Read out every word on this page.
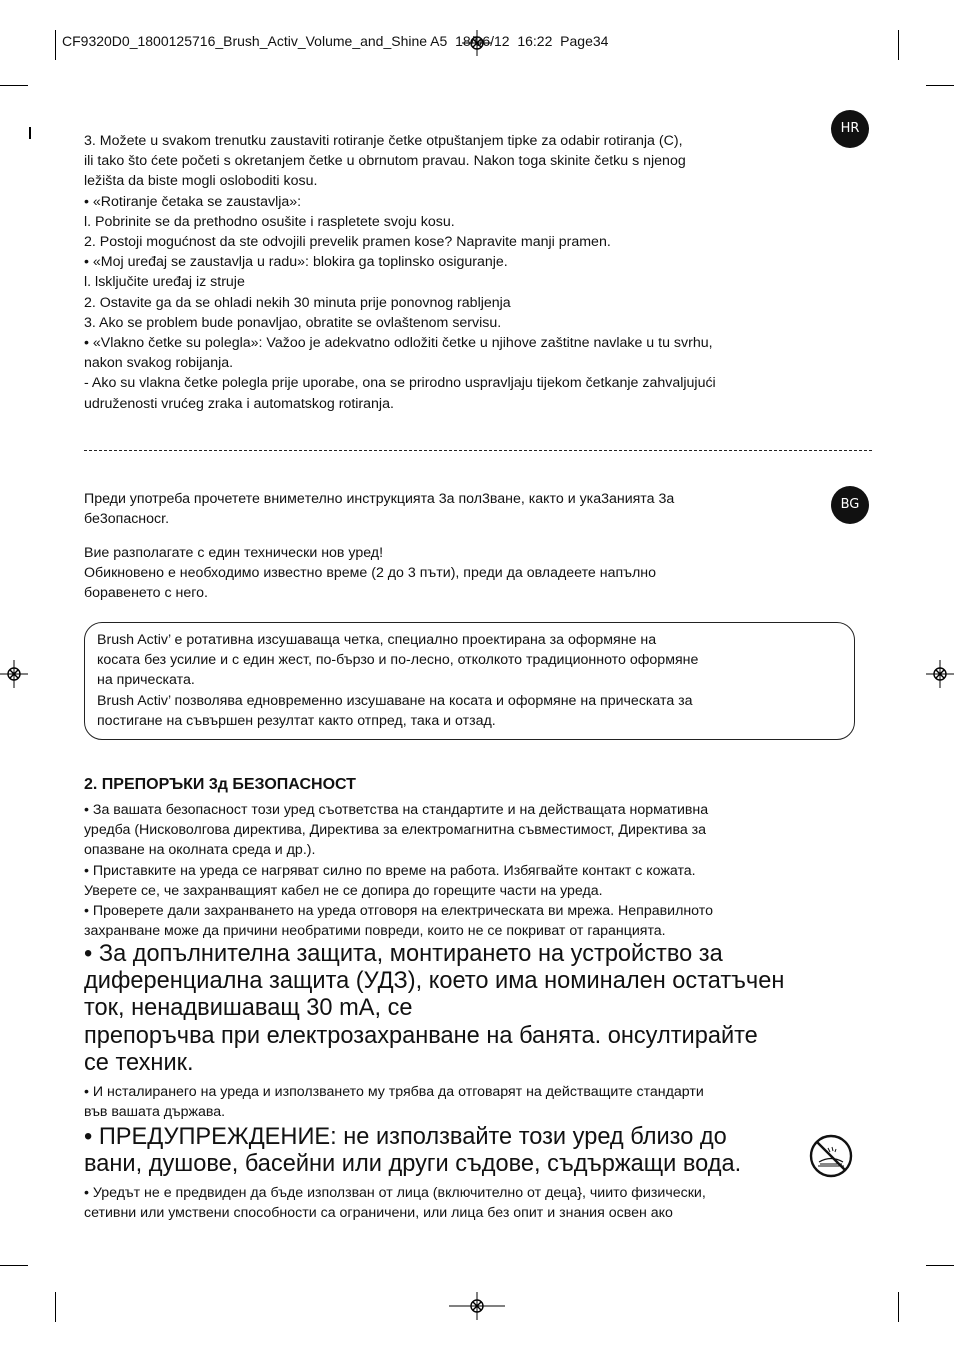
CF9320D0_1800125716_Brush_Activ_Volume_and_Shine A5  18/06/12  16:22  Page34
HR
BG

3. Možete u svakom trenutku zaustaviti rotiranje četke otpuštanjem tipke za odabir rotiranja (C),

ili tako što ćete početi s okretanjem četke u obrnutom pravau. Nakon toga skinite četku s njenog

ležišta da biste mogli osloboditi kosu.

• «Rotiranje četaka se zaustavlja»:

l. Pobrinite se da prethodno osušite i raspletete svoju kosu.

2. Postoji mogućnost da ste odvojili prevelik pramen kose? Napravite manji pramen.

• «Moj uređaj se zaustavlja u radu»: blokira ga toplinsko osiguranje.

l. lsključite uređaj iz struje

2. Ostavite ga da se ohladi nekih 30 minuta prije ponovnog rabljenja

3. Ako se problem bude ponavljao, obratite se ovlaštenom servisu.

• «Vlakno četke su polegla»: Važoo je adekvatno odložiti četke u njihove zaštitne navlake u tu svrhu,

nakon svakog robijanja.

- Ako su vlakna četke polegla prije uporabe, ona se prirodno uspravljaju tijekom četkanje zahvaljujući

udruženosti vrućeg zraka i automatskog rotiranja.

Преди употреба прочетете внимeтелно инструкцията 3а пол3ване, както и ука3анията 3а

бе3опасносr.

Вие разполагате с един технически нов уред!

Обикновено е необходимо известно време (2 до 3 пъти), преди да овладеете напълно

боравенето с него.

Brush Activ’ е ротативна изсушаваща четка, специално проектирана за оформяне на

косата без усилие и с един жест, по-бързо и по-лесно, отколкото традиционното оформяне

на прическата.

Brush Activ’ позволява едновременно изсушаване на косата и оформяне на прическата за

постигане на съвършен резултат както отпред, така и отзад.

2. ПРЕПОРЪКИ 3д БЕЗОПАСНОСТ

• За вашата безопасност този уред съответства на стандартите и на действащата нормативна

уредба (Нисковолгова директива, Директива за електромагнитна съвместимост, Директива за

опазване на околната среда и др.).

• Приставките на уреда се нагряват силно по време на работа. Избягвайте контакт с кожата.

Уверете се, че захранващият кабел не се допира до горещите части на уреда.

• Проверете дали захранването на уреда отговоря на електрическата ви мрежа. Неправилното

захранване може да причини необратими повреди, които не се покриват от гаранцията.

• За допълнителна защита, монтирането на устройство за

диференциална защита (УДЗ), което има номинален остатъчен

ток, ненадвишаващ 30 mA, се

препоръчва при електрозахранване на банята. онсултирайте

се техник.

• И нсталиранего на уреда и използването му трябва да отговарят на действащите стандарти

във вашата държава.

• ПРЕДУПРЕЖДЕНИЕ: не използвайте този уред близо до

вани, душове, басейни или други съдове, съдържащи вода.

• Уредът не е предвиден да бъде използван от лица (включително от деца}, чиито физически,

сетивни или умствени способности са ограничени, или лица без опит и знания освен ако
